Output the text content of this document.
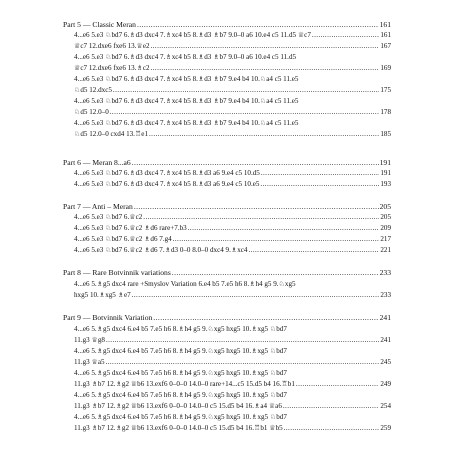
Part 5 — Classic Meran .....	161
4...e6 5.e3 ♘bd7 6.♗d3 dxc4 7.♗xc4 b5 8.♗d3 ♗b7 9.0–0 a6 10.e4 c5 11.d5 ♕c7 .....	161
♕c7 12.dxe6 fxe6 13.♕e2 .....	167
4...e6 5.e3 ♘bd7 6.♗d3 dxc4 7.♗xc4 b5 8.♗d3 ♗b7 9.0–0 a6 10.e4 c5 11.d5
♕c7 12.dxe6 fxe6 13.♗c2 .....	169
4...e6 5.e3 ♘bd7 6.♗d3 dxc4 7.♗xc4 b5 8.♗d3 ♗b7 9.e4 b4 10.♘a4 c5 11.e5
♘d5 12.dxc5 .....	175
4...e6 5.e3 ♘bd7 6.♗d3 dxc4 7.♗xc4 b5 8.♗d3 ♗b7 9.e4 b4 10.♘a4 c5 11.e5
♘d5 12.0–0 .....	178
4...e6 5.e3 ♘bd7 6.♗d3 dxc4 7.♗xc4 b5 8.♗d3 ♗b7 9.e4 b4 10.♘a4 c5 11.e5
♘d5 12.0–0 cxd4 13.♖e1 .....	185
Part 6 — Meran 8...a6 .....	191
4...e6 5.e3 ♘bd7 6.♗d3 dxc4 7.♗xc4 b5 8.♗d3 a6 9.e4 c5 10.d5 .....	191
4...e6 5.e3 ♘bd7 6.♗d3 dxc4 7.♗xc4 b5 8.♗d3 a6 9.e4 c5 10.e5 .....	193
Part 7 — Anti – Meran .....	205
4...e6 5.e3 ♘bd7 6.♕c2 .....	205
4...e6 5.e3 ♘bd7 6.♕c2 ♗d6 rare+7.b3 .....	209
4...e6 5.e3 ♘bd7 6.♕c2 ♗d6 7.g4 .....	217
4...e6 5.e3 ♘bd7 6.♕c2 ♗d6 7.♗d3 0–0 8.0–0 dxc4 9.♗xc4 .....	221
Part 8 — Rare Botvinnik variations .....	233
4...e6 5.♗g5 dxc4 rare +Smyslov Variation 6.e4 b5 7.e5 h6 8.♗h4 g5 9.♘xg5
hxg5 10.♗xg5 ♗e7 .....	233
Part 9 — Botvinnik Variation .....	241
4...e6 5.♗g5 dxc4 6.e4 b5 7.e5 h6 8.♗h4 g5 9.♘xg5 hxg5 10.♗xg5 ♘bd7
11.g3 ♕g8 .....	241
4...e6 5.♗g5 dxc4 6.e4 b5 7.e5 h6 8.♗h4 g5 9.♘xg5 hxg5 10.♗xg5 ♘bd7
11.g3 ♕a5 .....	245
4...e6 5.♗g5 dxc4 6.e4 b5 7.e5 h6 8.♗h4 g5 9.♘xg5 hxg5 10.♗xg5 ♘bd7
11.g3 ♗b7 12.♗g2 ♕b6 13.exf6 0–0–0 14.0–0 rare+14...c5 15.d5 b4 16.♖b1 .....	249
4...e6 5.♗g5 dxc4 6.e4 b5 7.e5 h6 8.♗h4 g5 9.♘xg5 hxg5 10.♗xg5 ♘bd7
11.g3 ♗b7 12.♗g2 ♕b6 13.exf6 0–0–0 14.0–0 c5 15.d5 b4 16.♗a4 ♕a6 .....	254
4...e6 5.♗g5 dxc4 6.e4 b5 7.e5 h6 8.♗h4 g5 9.♘xg5 hxg5 10.♗xg5 ♘bd7
11.g3 ♗b7 12.♗g2 ♕b6 13.exf6 0–0–0 14.0–0 c5 15.d5 b4 16.♖b1 ♕b5 .....	259
